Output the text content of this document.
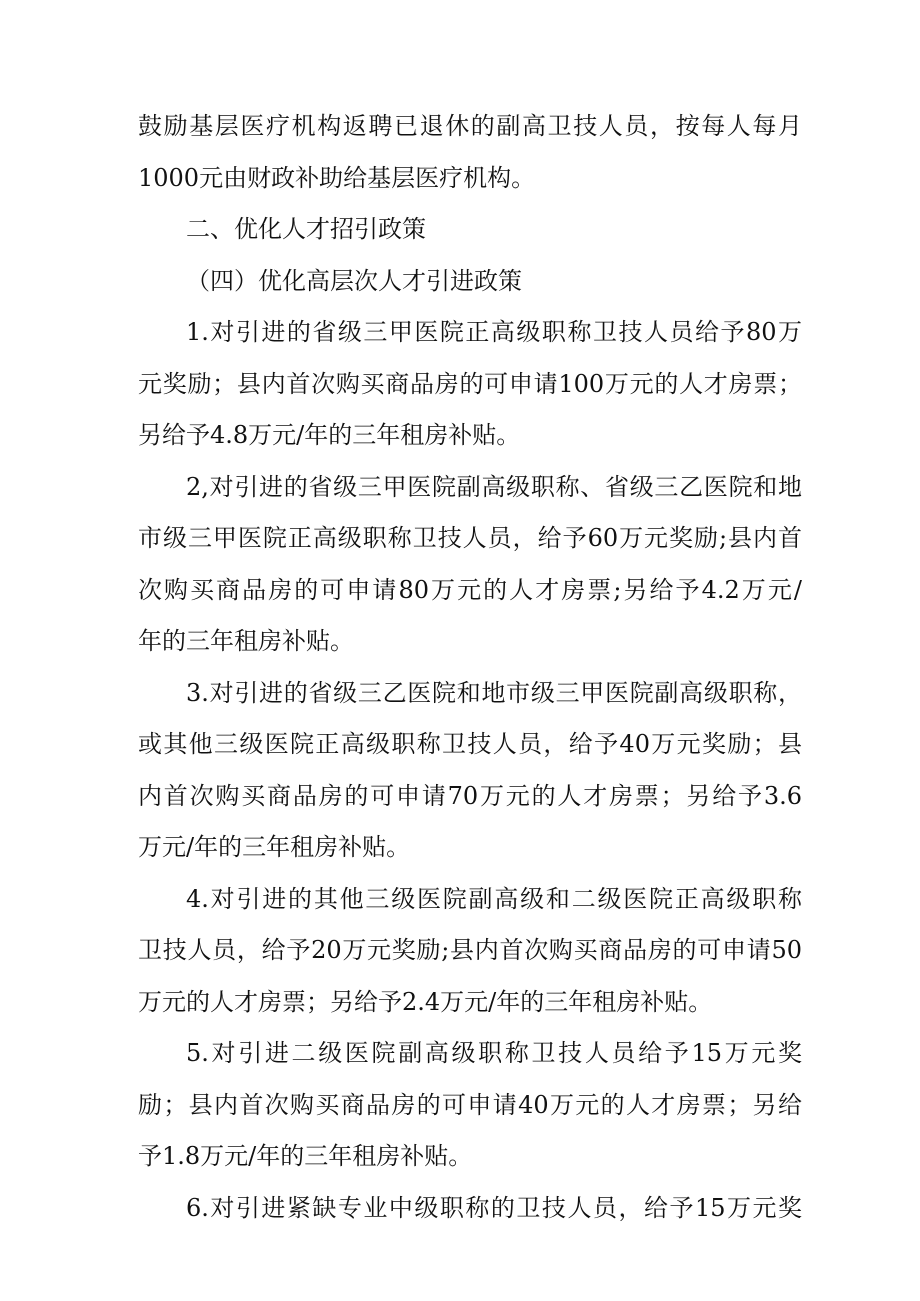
鼓励基层医疗机构返聘已退休的副高卫技人员，按每人每月
1000元由财政补助给基层医疗机构。
二、优化人才招引政策
（四）优化高层次人才引进政策
1.对引进的省级三甲医院正高级职称卫技人员给予80万
元奖励；县内首次购买商品房的可申请100万元的人才房票；
另给予4.8万元/年的三年租房补贴。
2,对引进的省级三甲医院副高级职称、省级三乙医院和地
市级三甲医院正高级职称卫技人员，给予60万元奖励;县内首
次购买商品房的可申请80万元的人才房票;另给予4.2万元/
年的三年租房补贴。
3.对引进的省级三乙医院和地市级三甲医院副高级职称，
或其他三级医院正高级职称卫技人员，给予40万元奖励；县
内首次购买商品房的可申请70万元的人才房票；另给予3.6
万元/年的三年租房补贴。
4.对引进的其他三级医院副高级和二级医院正高级职称
卫技人员，给予20万元奖励;县内首次购买商品房的可申请50
万元的人才房票；另给予2.4万元/年的三年租房补贴。
5.对引进二级医院副高级职称卫技人员给予15万元奖
励；县内首次购买商品房的可申请40万元的人才房票；另给
予1.8万元/年的三年租房补贴。
6.对引进紧缺专业中级职称的卫技人员，给予15万元奖
